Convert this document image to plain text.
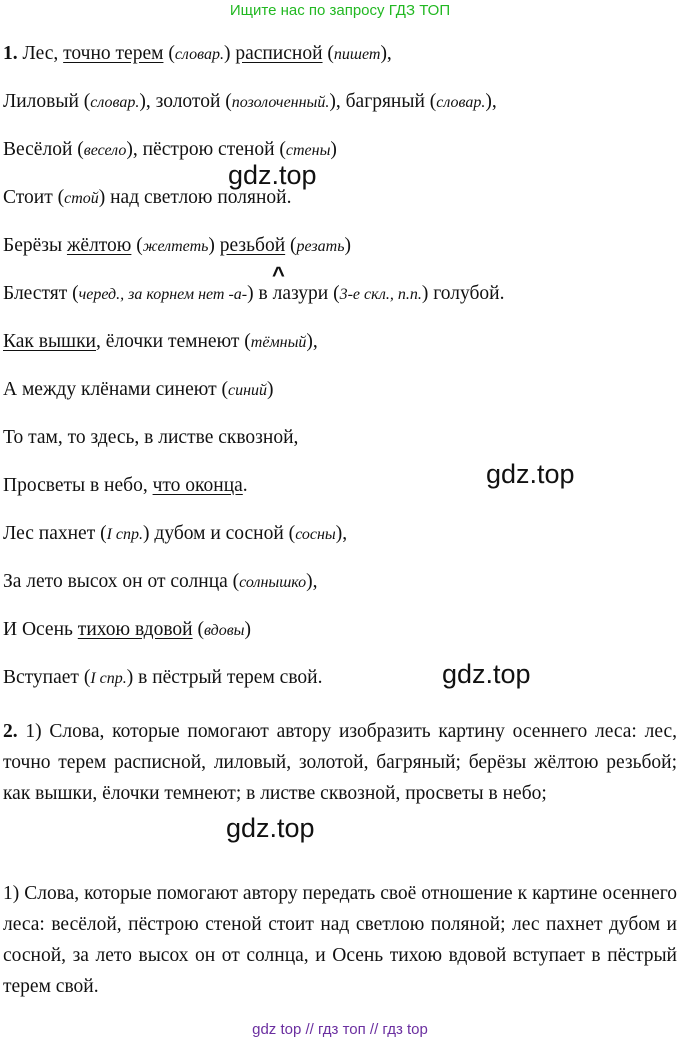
Ищите нас по запросу ГДЗ ТОП
1. Лес, точно терем (словар.) расписной (пишет),
Лиловый (словар.), золотой (позолоченный.), багряный (словар.),
Весёлой (весело), пёстрою стеной (стены)
Стоит (стой) над светлою поляной.
Берёзы жёлтою (желтеть) резьбой (резать)
Блестят (черед., за корнем нет -а-) в лазури (3-е скл., п.п.) голубой.
Как вышки, ёлочки темнеют (тёмный),
А между клёнами синеют (синий)
То там, то здесь, в листве сквозной,
Просветы в небо, что оконца.
Лес пахнет (I спр.) дубом и сосной (сосны),
За лето высох он от солнца (солнышко),
И Осень тихою вдовой (вдовы)
Вступает (I спр.) в пёстрый терем свой.
^
gdz.top
gdz.top
gdz.top
gdz.top
2. 1) Слова, которые помогают автору изобразить картину осеннего леса: лес, точно терем расписной, лиловый, золотой, багряный; берёзы жёлтою резьбой; как вышки, ёлочки темнеют; в листве сквозной, просветы в небо;
1) Слова, которые помогают автору передать своё отношение к картине осеннего леса: весёлой, пёстрою стеной стоит над светлою поляной; лес пахнет дубом и сосной, за лето высох он от солнца, и Осень тихою вдовой вступает в пёстрый терем свой.
gdz top // гдз топ // гдз top
